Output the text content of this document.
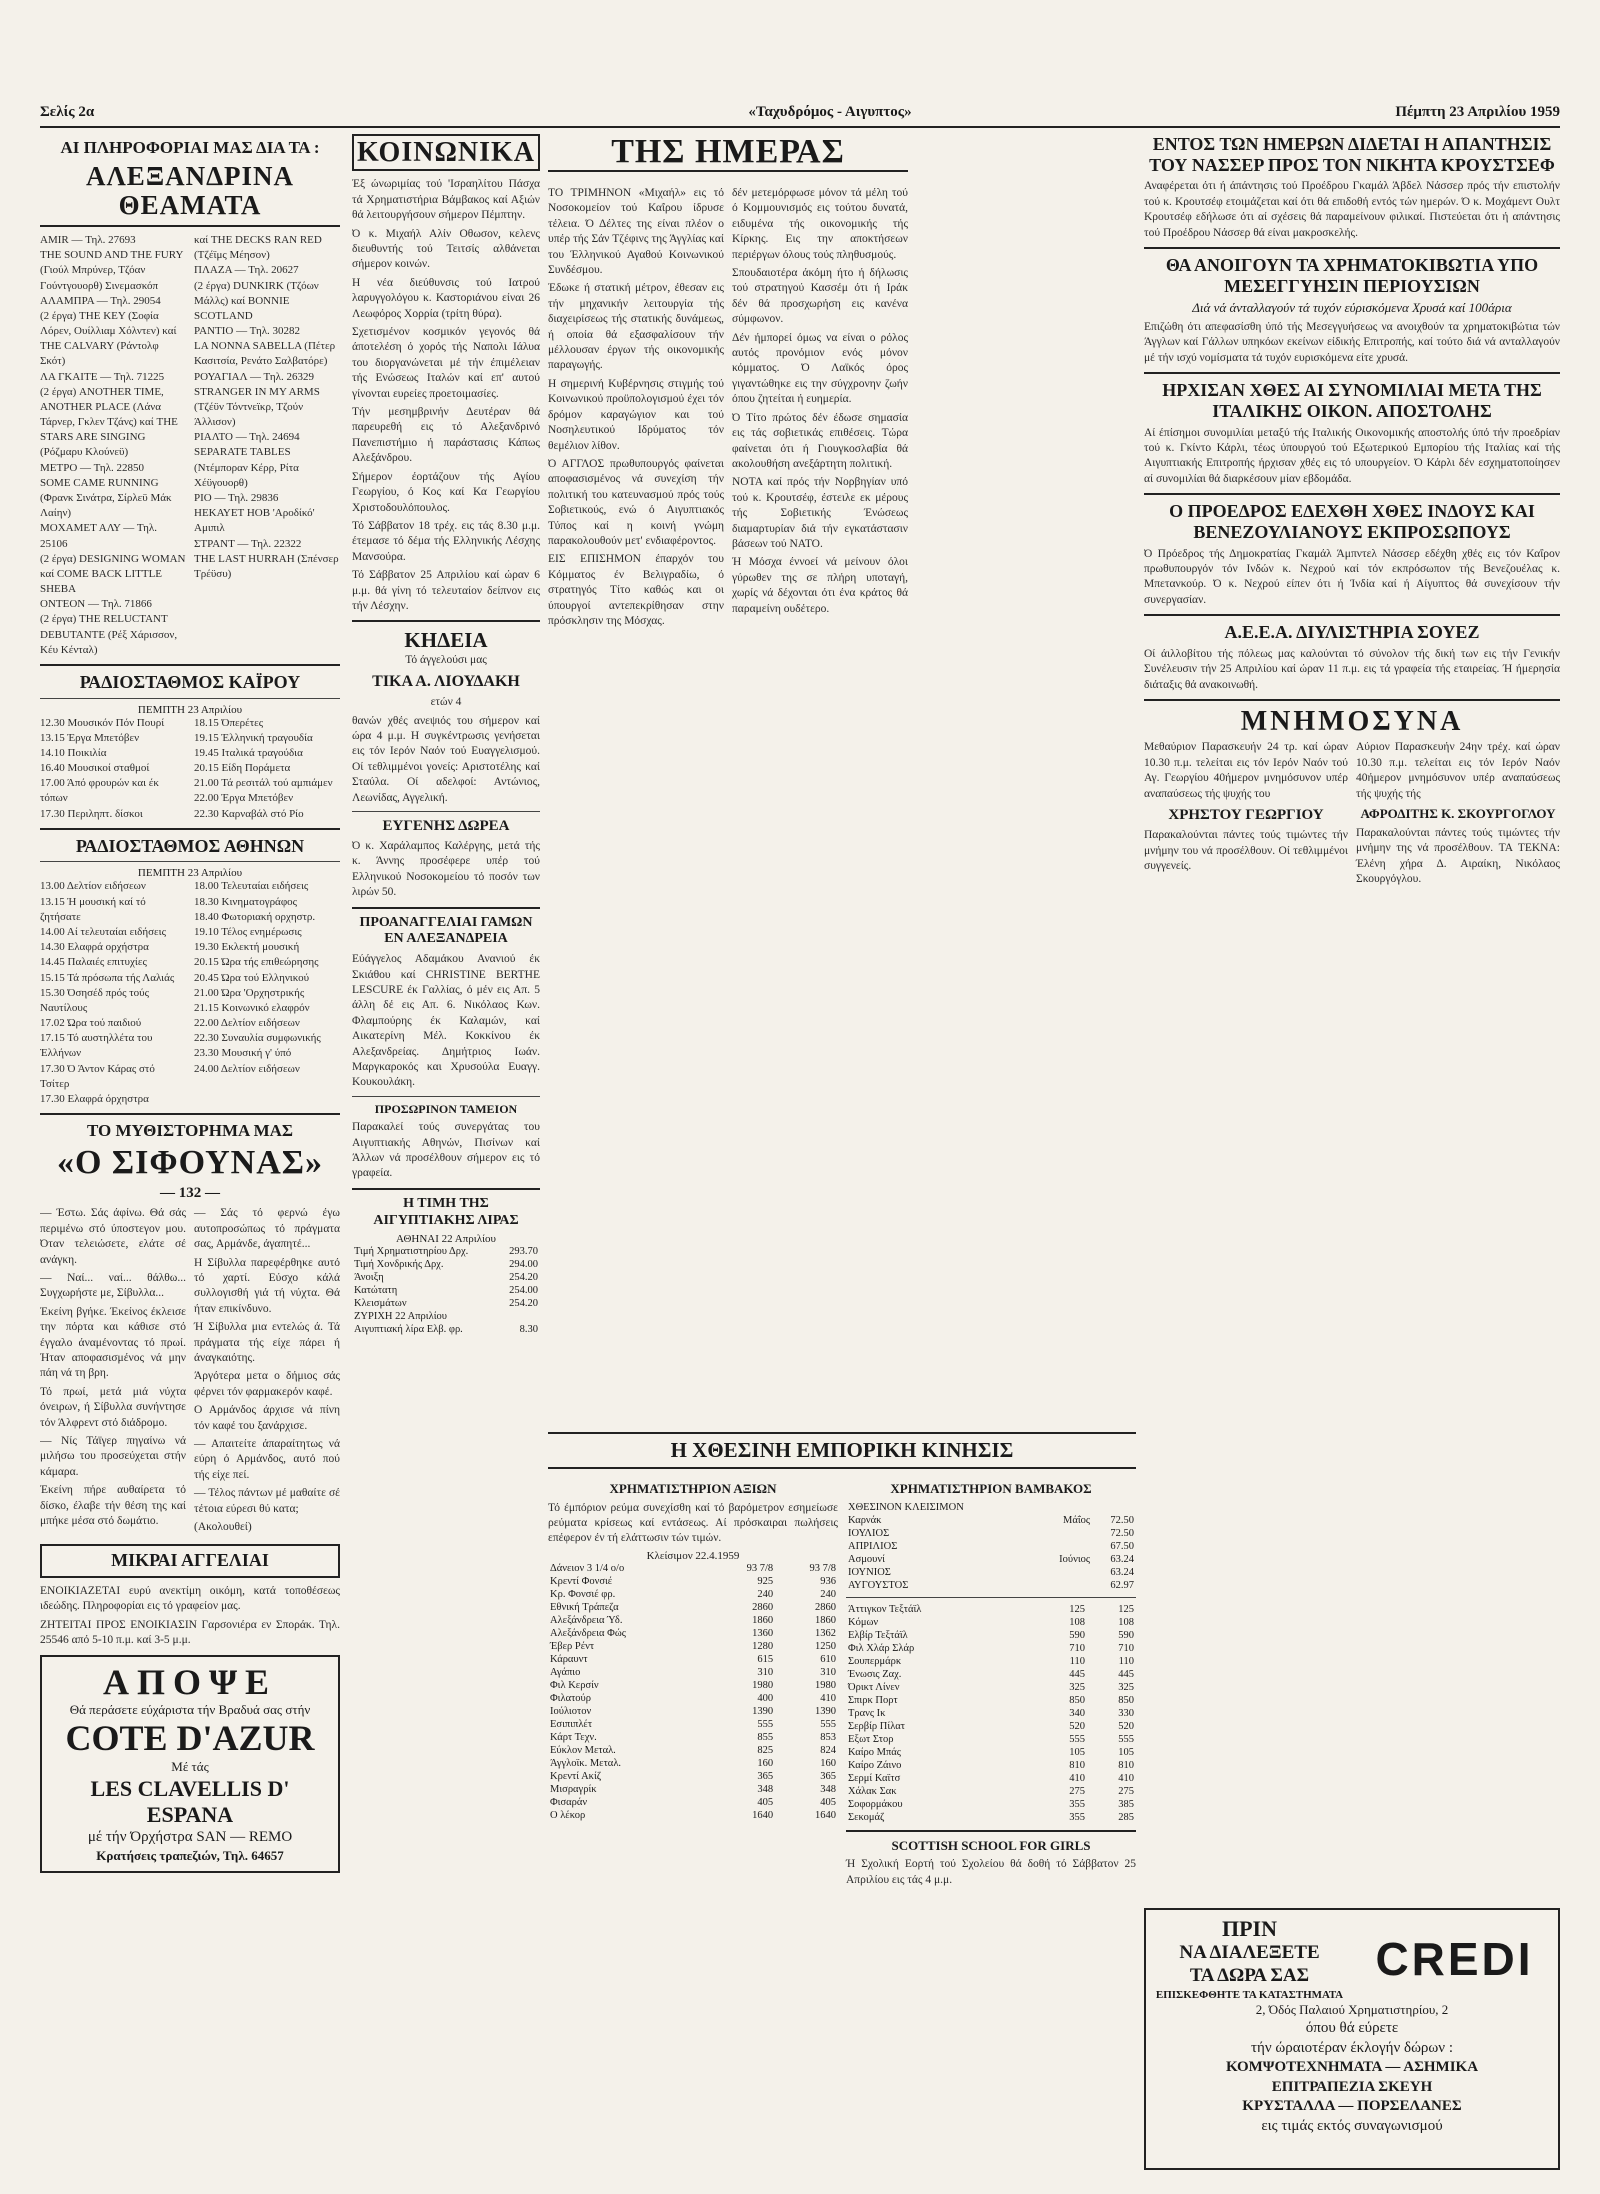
Σελίς 2α	«Ταχυδρόμος - Αιγυπτος»	Πέμπτη 23 Απριλίου 1959
ΑΙ ΠΛΗΡΟΦΟΡΙΑΙ ΜΑΣ ΔΙΑ ΤΑ :
ΑΛΕΞΑΝΔΡΙΝΑ ΘΕΑΜΑΤΑ
AMIR — Τηλ. 27693
THE SOUND AND THE FURY (Γιούλ Μπρύνερ, Τζόαν Γούντγουορθ) Σινεμασκόπ
ΑΛΑΜΠΡΑ — Τηλ. 29054
(2 έργα) THE KEY (Σοφία Λόρεν, Ουίλλιαμ Χόλντεν) καί THE CALVARY (Ράντολφ Σκότ)
ΛΑ ΓΚΑΙΤΕ — Τηλ. 71225
(2 έργα) ANOTHER TIME, ANOTHER PLACE (Λάνα Τάρνερ, Γκλεν Τζάνς) καί THE STARS ARE SINGING (Ρόζμαρυ Κλούνεϋ)
ΜΕΤΡΟ — Τηλ. 22850
SOME CAME RUNNING (Φρανκ Σινάτρα, Σίρλεϋ Μάκ Λαίην)
ΜΟΧΑΜΕΤ ΑΛΥ — Τηλ. 25106
(2 έργα) DESIGNING WOMAN καί COME BACK LITTLE SHEBA
ΟΝΤΕΟΝ — Τηλ. 71866
(2 έργα) THE RELUCTANT DEBUTANTE (Ρέξ Χάρισσον, Κέυ Κένταλ)
καί THE DECKS RAN RED (Τζέϊμς Μέησον)
ΠΛΑΖΑ — Τηλ. 20627
(2 έργα) DUNKIRK (Τζόων Μάλλς) καί BONNIE SCOTLAND
ΡΑΝΤΙΟ — Τηλ. 30282
LA NONNA SABELLA (Πέτερ Κασιτσία, Ρενάτο Σαλβατόρε)
ΡΟΥΑΓΙΑΛ — Τηλ. 26329
STRANGER IN MY ARMS (Τζέϋν Τόντνεϊκρ, Τζούν Άλλισον)
ΡΙΑΛΤΟ — Τηλ. 24694
SEPARATE TABLES (Ντέμποραν Κέρρ, Ρίτα Χέϋγουορθ)
ΡΙΟ — Τηλ. 29836
ΗΕΚΑΥΕΤ ΗΟΒ 'Αροδίκό' Αμιπιλ
ΣΤΡΑΝΤ — Τηλ. 22322
THE LAST HURRAH (Σπένσερ Τρέϋσυ)
ΡΑΔΙΟΣΤΑΘΜΟΣ ΚΑΪΡΟΥ
ΠΕΜΠΤΗ 23 Απριλίου
12.30 Μουσικόν Πόν Πουρί
13.15 Έργα Μπετόβεν
14.10 Ποικιλία
16.40 Μουσικοί σταθμοί
17.00 Άπό φρουρών και έκ τόπων
17.30 Περιληπτ. δίσκοι
18.15 Όπερέτες
19.15 Έλληνική τραγουδία
19.45 Ιταλικά τραγούδια
20.15 Είδη Ποράμετα
21.00 Τά ρεσιτάλ τού αμπιάμεν
22.00 Έργα Μπετόβεν
22.30 Καρναβάλ στό Ρίο
ΡΑΔΙΟΣΤΑΘΜΟΣ ΑΘΗΝΩΝ
ΠΕΜΠΤΗ 23 Απριλίου
13.00 Δελτίον ειδήσεων
13.15 Ή μουσική καί τό ζητήσατε
14.00 Αί τελευταίαι ειδήσεις
14.30 Ελαφρά ορχήστρα
14.45 Παλαιές επιτυχίες
15.15 Τά πρόσωπα τής Λαλιάς
15.30 Όσησέδ πρός τούς Ναυτίλους
17.02 Ώρα τού παιδιού
17.15 Τό αυστηλλέτα του Έλλήνων
17.30 Ό Άντον Κάρας στό Τσίτερ
17.30 Ελαφρά όρχηστρα
18.00 Τελευταίαι ειδήσεις
18.30 Κινηματογράφος
18.40 Φωτοριακή ορχηστρ.
19.10 Τέλος ενημέρωσις
19.30 Εκλεκτή μουσική
20.15 Ώρα τής επιθεώρησης
20.45 Ώρα τού Ελληνικού
21.00 Ώρα 'Ορχηστρικής
21.15 Κοινωνικό ελαφρόν
22.00 Δελτίον ειδήσεων
22.30 Συναυλία συμφωνικής
23.30 Μουσική γ' ύπό
24.00 Δελτίον ειδήσεων
ΤΟ ΜΥΘΙΣΤΟΡΗΜΑ ΜΑΣ
«Ο ΣΙΦΟΥΝΑΣ»
— 132 —

— Έστω. Σάς άφίνω. Θά σάς περιμένω στό ύποστεγον μου. Όταν τελειώσετε, ελάτε σέ ανάγκη.

— Ναί... ναί... θάλθω... Συγχωρήστε με, Σίβυλλα...

Έκείνη βγήκε. Έκείνος έκλεισε την πόρτα και κάθισε στό έγγαλο άναμένοντας τό πρωί. Ήταν αποφασισμένος νά μην πάη νά τη βρη.

Τό πρωί, μετά μιά νύχτα όνειρων, ή Σίβυλλα συνήντησε τόν Άλφρεντ στό διάδρομο.

— Νίς Τάϊγερ πηγαίνω νά μιλήσω του προσεύχεται στήν κάμαρα.

Έκείνη πήρε αυθαίρετα τό δίσκο, έλαβε τήν θέση της καί μπήκε μέσα στό δωμάτιο.

— Σάς τό φερνώ έγω αυτοπροσώπως τό πράγματα σας, Αρμάνδε, άγαπητέ...

Η Σίβυλλα παρεφέρθηκε αυτό τό χαρτί. Εύσχο κάλά συλλογισθή γιά τή νύχτα. Θά ήταν επικίνδυνο.

Ή Σίβυλλα μια εντελώς ά. Τά πράγματα τής είχε πάρει ή άναγκαιότης.

Άργότερα μετα ο δήμιος σάς φέρνει τόν φαρμακερόν καφέ.

Ο Αρμάνδος άρχισε νά πίνη τόν καφέ του ξανάρχισε.

— Απαιτείτε άπαραίτητως νά εύρη ό Αρμάνδος, αυτό πού τής είχε πεί.

— Τέλος πάντων μέ μαθαίτε σέ τέτοια εύρεσι θύ κατα;

(Ακολουθεί)

ΜΙΚΡΑΙ ΑΓΓΕΛΙΑΙ

ΕΝΟΙΚΙΑΖΕΤΑΙ ευρύ ανεκτίμη οικόμη, κατά τοποθέσεως ιδεώδης. Πληροφορίαι εις τό γραφείον μας.

ΖΗΤΕΙΤΑΙ ΠΡΟΣ ΕΝΟΙΚΙΑΣΙΝ Γαρσονιέρα εν Σποράκ. Τηλ. 25546 από 5-10 π.μ. καί 3-5 μ.μ.

ΑΠΟΨΕ
Θά περάσετε εύχάριστα τήν Βραδυά σας στήν
COTE D'AZUR
Μέ τάς
LES CLAVELLIS D' ESPANA
μέ τήν Όρχήστρα SAN — REMO
Κρατήσεις τραπεζιών, Τηλ. 64657
ΚΟΙΝΩΝΙΚΑ

Έξ ώνωριμίας τού 'Ισραηλίτου Πάσχα τά Χρηματιστήρια Βάμβακος καί Αξιών θά λειτουργήσουν σήμερον Πέμπτην.

Ό κ. Μιχαήλ Αλίν Οθωσον, κελενς διευθυντής τού Τειτσίς αλθάνεται σήμερον κοινών.

Η νέα διεύθυνσις τού Ιατρού λαρυγγολόγου κ. Καστοριάνου είναι 26 Λεωφόρος Χορρία (τρίτη θύρα).

Σχετισμένον κοσμικόν γεγονός θά άποτελέση ό χορός τής Ναπολι Ιάλυα του διοργανώνεται μέ τήν έπιμέλειαν τής Ενώσεως Ιταλών καί επ' αυτού γίνονται ευρείες προετοιμασίες.

Τήν μεσημβρινήν Δευτέραν θά παρευρεθή εις τό Αλεξανδρινό Πανεπιστήμιο ή παράστασις Κάπως Αλεξάνδρου.

Σήμερον έορτάζουν τής Αγίου Γεωργίου, ό Κος καί Κα Γεωργίου Χριστοδουλόπουλος.

Τό Σάββατον 18 τρέχ. εις τάς 8.30 μ.μ. έτεμασε τό δέμα τής Ελληνικής Λέσχης Μανσούρα.

Τό Σάββατον 25 Απριλίου καί ώραν 6 μ.μ. θά γίνη τό τελευταίον δείπνον εις τήν Λέσχην.

ΚΗΔΕΙΑ

Τό άγγελούσι μας

ΤΙΚΑ Α. ΛΙΟΥΔΑΚΗ

ετών 4

θανών χθές ανεψιός του σήμερον καί ώρα 4 μ.μ. Η συγκέντρωσις γενήσεται εις τόν Ιερόν Ναόν τού Ευαγγελισμού. Οί τεθλιμμένοι γονείς: Αριστοτέλης καί Σταύλα. Οί αδελφοί: Αντώνιος, Λεωνίδας, Αγγελική.

ΕΥΓΕΝΗΣ ΔΩΡΕΑ

Ό κ. Χαράλαμπος Καλέργης, μετά τής κ. Άννης προσέφερε υπέρ τού Ελληνικού Νοσοκομείου τό ποσόν των λιρών 50.

ΠΡΟΑΝΑΓΓΕΛΙΑΙ ΓΑΜΩΝ ΕΝ ΑΛΕΞΑΝΔΡΕΙΑ

Εύάγγελος Αδαμάκου Ανανιού έκ Σκιάθου καί CHRISTINE BERTHE LESCURE έκ Γαλλίας, ό μέν εις Απ. 5 άλλη δέ εις Απ. 6. Νικόλαος Κων. Φλαμπούρης έκ Καλαμών, καί Αικατερίνη Μέλ. Κοκκίνου έκ Αλεξανδρείας. Δημήτριος Ιωάν. Μαργκαροκός και Χρυσούλα Ευαγγ. Κουκουλάκη.

ΠΡΟΣΩΡΙΝΟΝ ΤΑΜΕΙΟΝ

Παρακαλεί τούς συνεργάτας του Αιγυπτιακής Αθηνών, Πισίνων καί Άλλων νά προσέλθουν σήμερον εις τό γραφεία.

Η ΤΙΜΗ ΤΗΣ ΑΙΓΥΠΤΙΑΚΗΣ ΛΙΡΑΣ
ΑΘΗΝΑΙ 22 Απριλίου
Τιμή Χρηματιστηρίου Δρχ.	293.70
Τιμή Χονδρικής Δρχ.	294.00
Άνοιξη	254.20
Κατώτατη	254.00
Κλεισμάτων	254.20
ΖΥΡΙΧΗ 22 Απριλίου	
Αιγυπτιακή λίρα Ελβ. φρ.	8.30
ΤΗΣ ΗΜΕΡΑΣ

ΤΟ ΤΡΙΜΗΝΟΝ «Μιχαήλ» εις τό Νοσοκομείον τού Καΐρου ίδρυσε τέλεια. Ό Δέλτες της είναι πλέον ο υπέρ τής Σάν Τζέφινς της Άγγλίας καί του Έλληνικού Αγαθού Κοινωνικού Συνδέσμου.

Έδωκε ή στατική μέτρον, έθεσαν εις τήν μηχανικήν λειτουργία τής διαχειρίσεως τής στατικής δυνάμεως, ή οποία θά εξασφαλίσουν τήν μέλλουσαν έργων τής οικονομικής παραγωγής.

Η σημερινή Κυβέρνησις στιγμής τού Κοινωνικού προϋπολογισμού έχει τόν δρόμον καραγώγιον και τού Νοσηλευτικού Ιδρύματος τόν θεμέλιον λίθον.

Ό ΑΓΓΛΟΣ πρωθυπουργός φαίνεται αποφασισμένος νά συνεχίση τήν πολιτική του κατευνασμού πρός τούς Σοβιετικούς, ενώ ό Αιγυπτιακός Τύπος καί η κοινή γνώμη παρακολουθούν μετ' ενδιαφέροντος.

ΕΙΣ ΕΠΙΣΗΜΟΝ έπαρχόν του Κόμματος έν Βελιγραδίω, ό στρατηγός Τίτο καθώς και οι ύπουργοί αντεπεκρίθησαν στην πρόσκλησιν της Μόσχας.

δέν μετεμόρφωσε μόνον τά μέλη τού ό Κομμουνισμός εις τούτου δυνατά, ειδυμένα τής οικονομικής τής Κίρκης. Εις την αποκτήσεων περιέργων όλους τούς πληθυσμούς.

Σπουδαιοτέρα άκόμη ήτο ή δήλωσις τού στρατηγού Κασσέμ ότι ή Ιράκ δέν θά προσχωρήση εις κανένα σύμφωνον.

Δέν ήμπορεί όμως να είναι ο ρόλος αυτός προνόμιον ενός μόνον κόμματος. Ό Λαϊκός όρος γιγαντώθηκε εις την σύγχρονην ζωήν όπου ζητείται ή ευημερία.

Ό Τίτο πρώτος δέν έδωσε σημασία εις τάς σοβιετικάς επιθέσεις. Τώρα φαίνεται ότι ή Γιουγκοσλαβία θά ακολουθήση ανεξάρτητη πολιτική.

ΝΟΤΑ καί πρός τήν Νορβηγίαν υπό τού κ. Κρουτσέφ, έστειλε εκ μέρους τής Σοβιετικής Ένώσεως διαμαρτυρίαν διά τήν εγκατάστασιν βάσεων τού NATO.

Ή Μόσχα έννοεί νά μείνουν όλοι γύρωθεν της σε πλήρη υποταγή, χωρίς νά δέχονται ότι ένα κράτος θά παραμείνη ουδέτερο.

Η ΧΘΕΣΙΝΗ ΕΜΠΟΡΙΚΗ ΚΙΝΗΣΙΣ
ΧΡΗΜΑΤΙΣΤΗΡΙΟΝ ΑΞΙΩΝ

Τό έμπόριον ρεύμα συνεχίσθη καί τό βαρόμετρον εσημείωσε ρεύματα κρίσεως καί εντάσεως. Αί πρόσκαιραι πωλήσεις επέφερον έν τή ελάττωσιν τών τιμών.

Κλείσιμον 22.4.1959
Δάνειον 3 1/4 ο/ο	93 7/8	93 7/8
Κρεντί Φονσιέ	925	936
Κρ. Φονσιέ φρ.	240	240
Εθνική Τράπεζα	2860	2860
Αλεξάνδρεια Ύδ.	1860	1860
Αλεξάνδρεια Φώς	1360	1362
Έβερ Ρέντ	1280	1250
Κάραυντ	615	610
Αγάπιο	310	310
Φιλ Κερσίν	1980	1980
Φιλατούρ	400	410
Ιούλιοτον	1390	1390
Εσιπιπλέτ	555	555
Κάρτ Τεχν.	855	853
Εύκλον Μεταλ.	825	824
Άγγλοϊκ. Μεταλ.	160	160
Κρεντί Ακίζ	365	365
Μισραγρίκ	348	348
Φισαράν	405	405
Ο λέκορ	1640	1640
ΧΡΗΜΑΤΙΣΤΗΡΙΟΝ ΒΑΜΒΑΚΟΣ
ΧΘΕΣΙΝΟΝ ΚΛΕΙΣΙΜΟΝ		
Καρνάκ	Μάΐος	72.50
ΙΟΥΛΙΟΣ		72.50
ΑΠΡΙΛΙΟΣ		67.50
Ασμουνί	Ιούνιος	63.24
ΙΟΥΝΙΟΣ		63.24
ΑΥΓΟΥΣΤΟΣ		62.97
Άττιγκον Τεξτάϊλ	125	125
Κόμων	108	108
Ελβίρ Τεξτάϊλ	590	590
Φιλ Χλάρ Σλάρ	710	710
Σουπερμάρκ	110	110
Ένωσις Ζαχ.	445	445
Όρικτ Λίνεν	325	325
Σπιρκ Πορτ	850	850
Τρανς Ικ	340	330
Σερβίρ Πίλατ	520	520
Εξωτ Στορ	555	555
Καίρο Μπάς	105	105
Καίρο Ζάινο	810	810
Σερμί Καϊτσ	410	410
Χάλακ Σακ	275	275
Σοφορμάκου	355	385
Σεκομάζ	355	285
SCOTTISH SCHOOL FOR GIRLS

Ή Σχολική Εορτή τού Σχολείου θά δοθή τό Σάββατον 25 Απριλίου εις τάς 4 μ.μ.

ΕΝΤΟΣ ΤΩΝ ΗΜΕΡΩΝ ΔΙΔΕΤΑΙ Η ΑΠΑΝΤΗΣΙΣ ΤΟΥ ΝΑΣΣΕΡ ΠΡΟΣ ΤΟΝ ΝΙΚΗΤΑ ΚΡΟΥΣΤΣΕΦ

Αναφέρεται ότι ή άπάντησις τού Προέδρου Γκαμάλ Άβδελ Νάσσερ πρός τήν επιστολήν τού κ. Κρουτσέφ ετοιμάζεται καί ότι θά επιδοθή εντός τών ημερών. Ό κ. Μοχάμεντ Ουλτ Κρουτσέφ εδήλωσε ότι αί σχέσεις θά παραμείνουν φιλικαί. Πιστεύεται ότι ή απάντησις τού Προέδρου Νάσσερ θά είναι μακροσκελής.

ΘΑ ΑΝΟΙΓΟΥΝ ΤΑ ΧΡΗΜΑΤΟΚΙΒΩΤΙΑ ΥΠΟ ΜΕΣΕΓΓΥΗΣΙΝ ΠΕΡΙΟΥΣΙΩΝ
Διά νά άνταλλαγούν τά τυχόν εύρισκόμενα Χρυσά καί 100άρια

Επιζώθη ότι απεφασίσθη ύπό τής Μεσεγγυήσεως να ανοιχθούν τα χρηματοκιβώτια τών Άγγλων καί Γάλλων υπηκόων εκείνων είδικής Επιτροπής, καί τούτο διά νά ανταλλαγούν μέ τήν ισχύ νομίσματα τά τυχόν ευρισκόμενα είτε χρυσά.

ΗΡΧΙΣΑΝ ΧΘΕΣ ΑΙ ΣΥΝΟΜΙΛΙΑΙ ΜΕΤΑ ΤΗΣ ΙΤΑΛΙΚΗΣ ΟΙΚΟΝ. ΑΠΟΣΤΟΛΗΣ

Αί έπίσημοι συνομιλίαι μεταξύ τής Ιταλικής Οικονομικής αποστολής ύπό τήν προεδρίαν τού κ. Γκίντο Κάρλι, τέως ύπουργού τού Εξωτερικού Εμπορίου τής Ιταλίας καί τής Αιγυπτιακής Επιτροπής ήρχισαν χθές εις τό υπουργείον. Ό Κάρλι δέν εσχηματοποίησεν αί συνομιλίαι θά διαρκέσουν μίαν εβδομάδα.

Ο ΠΡΟΕΔΡΟΣ ΕΔΕΧΘΗ ΧΘΕΣ ΙΝΔΟΥΣ ΚΑΙ ΒΕΝΕΖΟΥΛΙΑΝΟΥΣ ΕΚΠΡΟΣΩΠΟΥΣ

Ό Πρόεδρος τής Δημοκρατίας Γκαμάλ Άμπντελ Νάσσερ εδέχθη χθές εις τόν Καΐρον πρωθυπουργόν τόν Ινδών κ. Νεχρού καί τόν εκπρόσωπον τής Βενεζουέλας κ. Μπετανκούρ. Ό κ. Νεχρού είπεν ότι ή Ίνδία καί ή Αίγυπτος θά συνεχίσουν τήν συνεργασίαν.

Α.Ε.Ε.Α. ΔΙΥΛΙΣΤΗΡΙΑ ΣΟΥΕΖ

Οί άιλλοβίτου τής πόλεως μας καλούνται τό σύνολον τής δική των εις τήν Γενικήν Συνέλευσιν τήν 25 Απριλίου καί ώραν 11 π.μ. εις τά γραφεία τής εταιρείας. Ή ήμερησία διάταξις θά ανακοινωθή.

ΜΝΗΜΟΣΥΝΑ

Μεθαύριον Παρασκευήν 24 τρ. καί ώραν 10.30 π.μ. τελείται εις τόν Ιερόν Ναόν τού Αγ. Γεωργίου 40ήμερον μνημόσυνον υπέρ αναπαύσεως τής ψυχής του

ΧΡΗΣΤΟΥ ΓΕΩΡΓΙΟΥ

Παρακαλούνται πάντες τούς τιμώντες τήν μνήμην του νά προσέλθουν. Οί τεθλιμμένοι συγγενείς.

Αύριον Παρασκευήν 24ην τρέχ. καί ώραν 10.30 π.μ. τελείται εις τόν Ιερόν Ναόν 40ήμερον μνημόσυνον υπέρ αναπαύσεως τής ψυχής τής

ΑΦΡΟΔΙΤΗΣ Κ. ΣΚΟΥΡΓΟΓΛΟΥ

Παρακαλούνται πάντες τούς τιμώντες τήν μνήμην της νά προσέλθουν. ΤΑ ΤΕΚΝΑ: Έλένη χήρα Δ. Αιραίκη, Νικόλαος Σκουργόγλου.

ΠΡΙΝ
ΝΑ ΔΙΑΛΕΞΕΤΕ
ΤΑ ΔΩΡΑ ΣΑΣ
ΕΠΙΣΚΕΦΘΗΤΕ ΤΑ ΚΑΤΑΣΤΗΜΑΤΑ
CREDI
2, Όδός Παλαιού Χρηματιστηρίου, 2
όπου θά εύρετε
τήν ώραιοτέραν έκλογήν δώρων :
ΚΟΜΨΟΤΕΧΝΗΜΑΤΑ — ΑΣΗΜΙΚΑ
ΕΠΙΤΡΑΠΕΖΙΑ ΣΚΕΥΗ
ΚΡΥΣΤΑΛΛΑ — ΠΟΡΣΕΛΑΝΕΣ
εις τιμάς εκτός συναγωνισμού
